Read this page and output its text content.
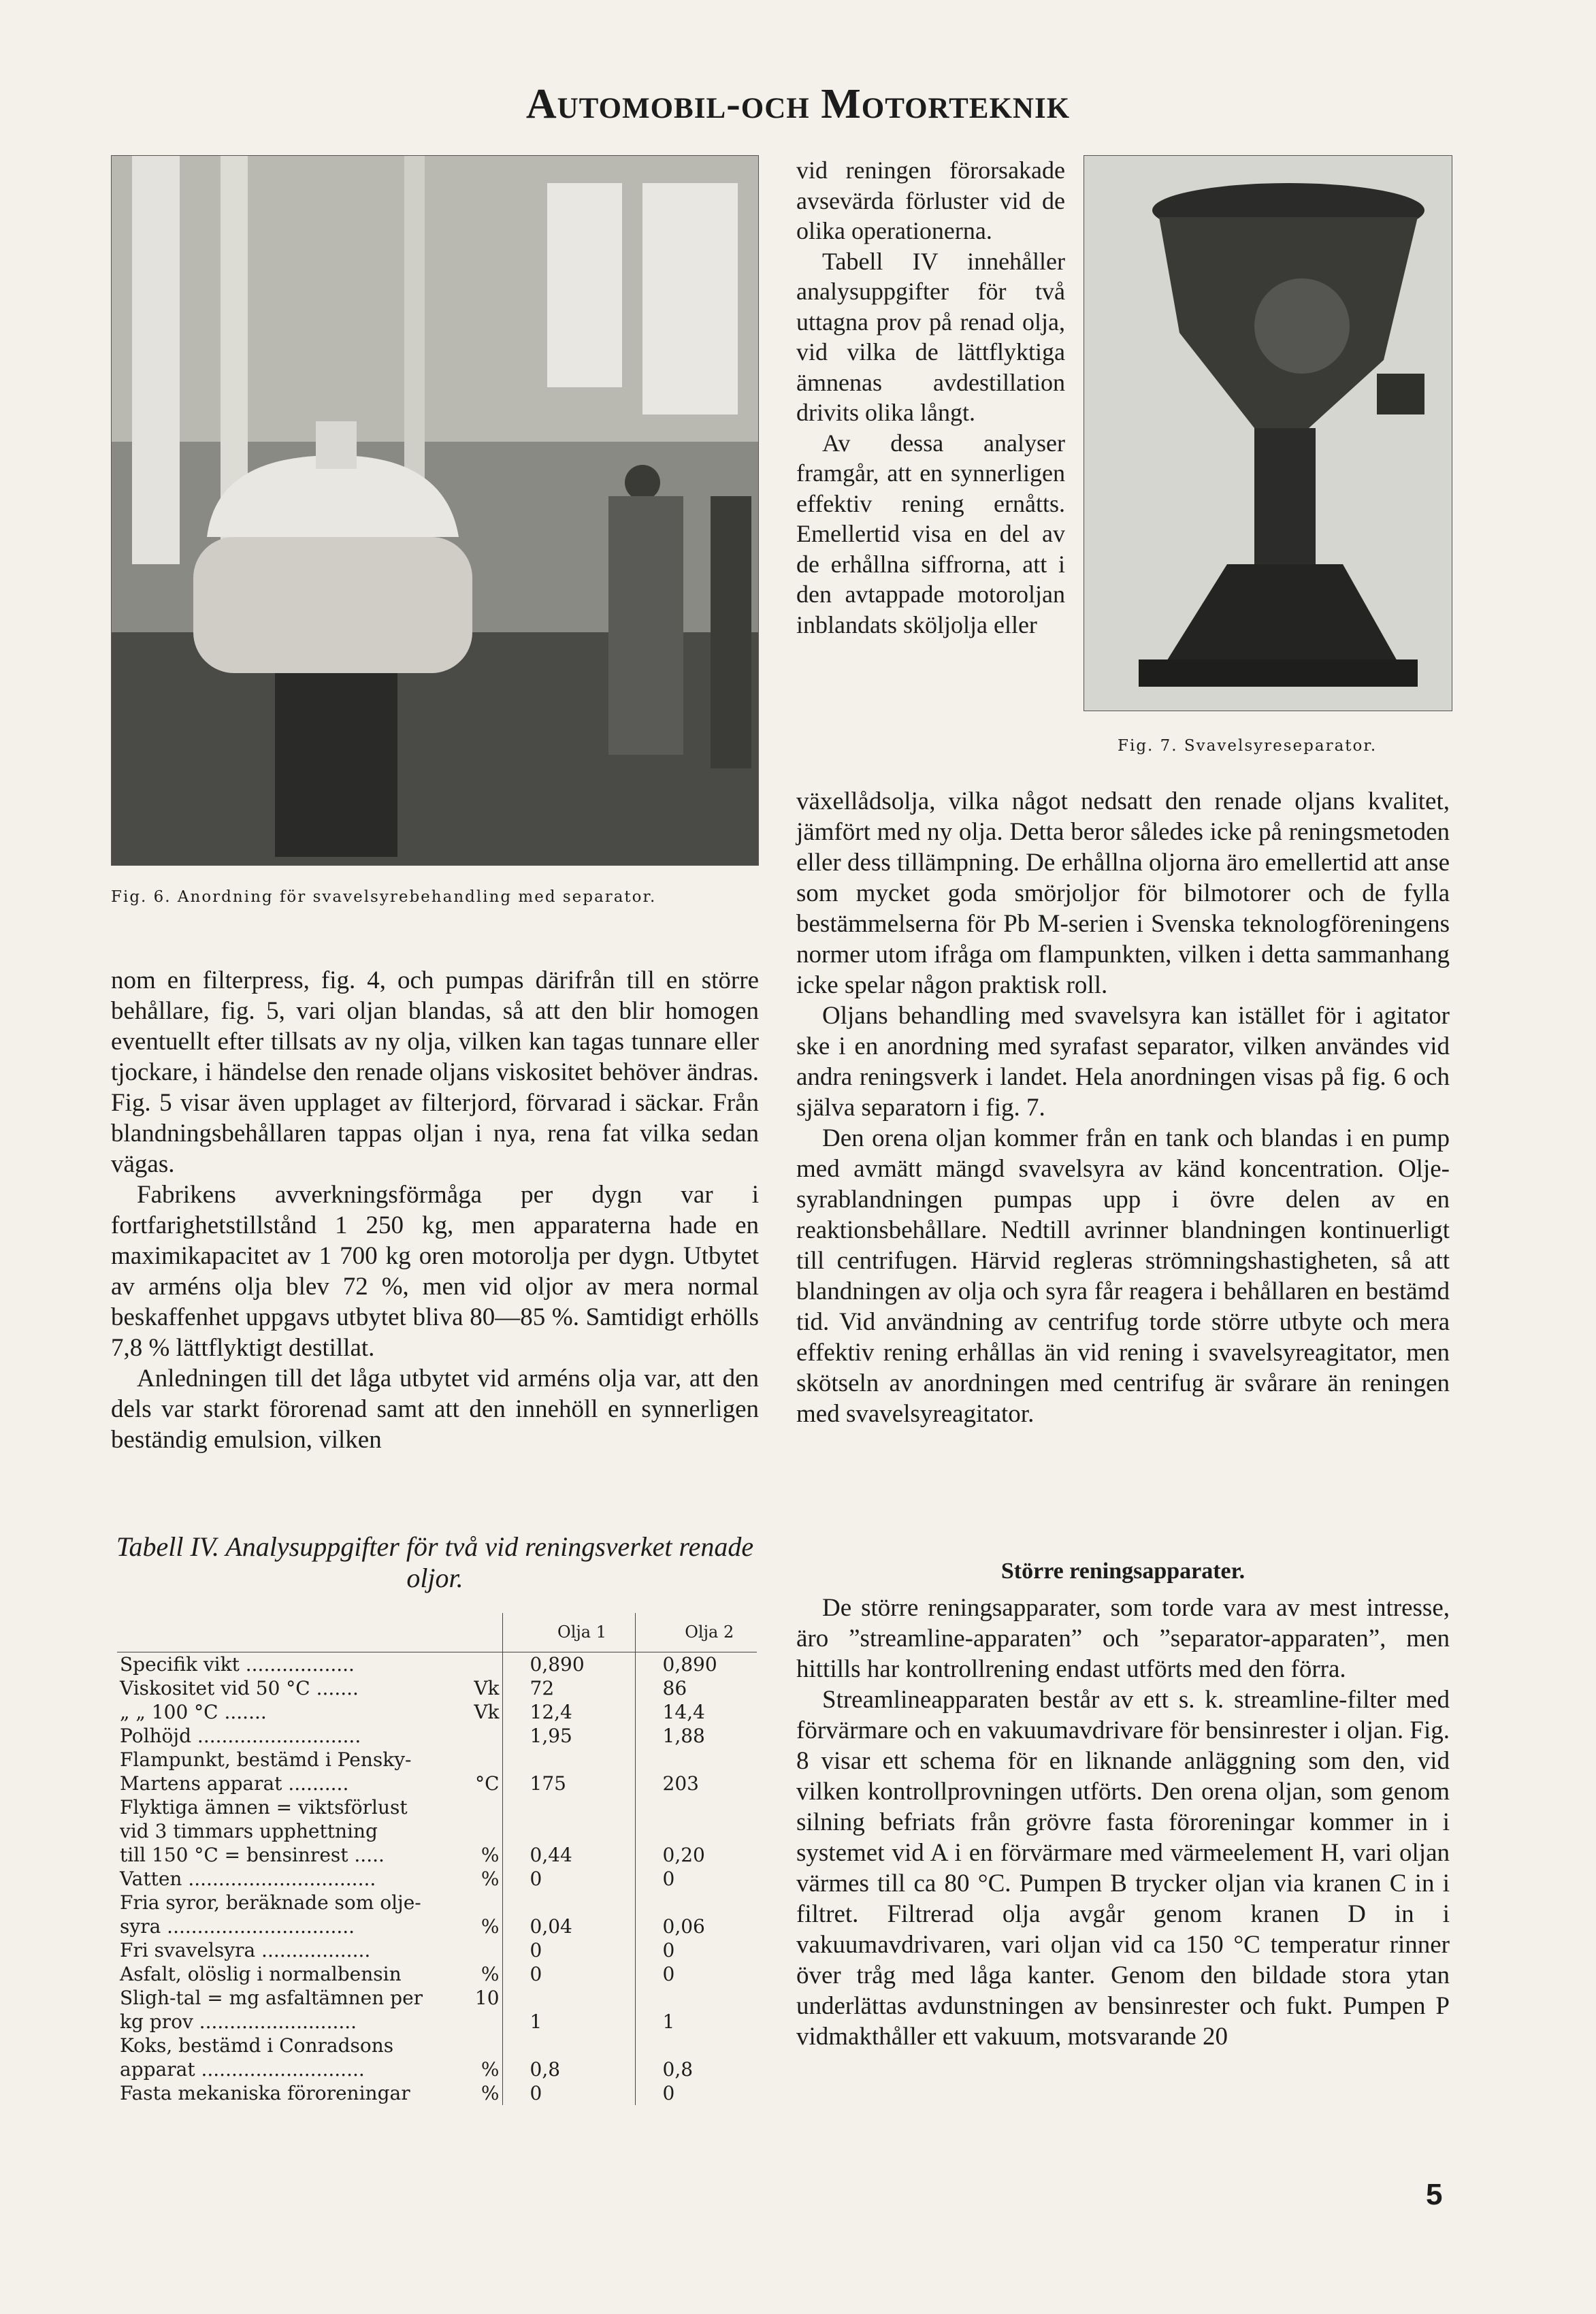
Automobil-och Motorteknik
Fig. 6. Anordning för svavelsyrebehandling med separator.

vid reningen förorsakade avsevärda förluster vid de olika operationerna.

Tabell IV innehåller analysuppgifter för två uttagna prov på renad olja, vid vilka de lättflyktiga ämnenas avdestillation drivits olika långt.

Av dessa analyser framgår, att en synnerligen effektiv rening ernåtts. Emellertid visa en del av de erhållna siffrorna, att i den avtappade motoroljan inblandats sköljolja eller

Fig. 7. Svavelsyreseparator.

växellådsolja, vilka något nedsatt den renade oljans kvalitet, jämfört med ny olja. Detta beror således icke på reningsmetoden eller dess tillämpning. De erhållna oljorna äro emellertid att anse som mycket goda smörjoljor för bilmotorer och de fylla bestämmelserna för Pb M-serien i Svenska teknologföreningens normer utom ifråga om flampunkten, vilken i detta sammanhang icke spelar någon praktisk roll.

Oljans behandling med svavelsyra kan istället för i agitator ske i en anordning med syrafast separator, vilken användes vid andra reningsverk i landet. Hela anordningen visas på fig. 6 och själva separatorn i fig. 7.

Den orena oljan kommer från en tank och blandas i en pump med avmätt mängd svavelsyra av känd koncentration. Olje-syrablandningen pumpas upp i övre delen av en reaktionsbehållare. Nedtill avrinner blandningen kontinuerligt till centrifugen. Härvid regleras strömningshastigheten, så att blandningen av olja och syra får reagera i behållaren en bestämd tid. Vid användning av centrifug torde större utbyte och mera effektiv rening erhållas än vid rening i svavelsyreagitator, men skötseln av anordningen med centrifug är svårare än reningen med svavelsyreagitator.

nom en filterpress, fig. 4, och pumpas därifrån till en större behållare, fig. 5, vari oljan blandas, så att den blir homogen eventuellt efter tillsats av ny olja, vilken kan tagas tunnare eller tjockare, i händelse den renade oljans viskositet behöver ändras. Fig. 5 visar även upplaget av filterjord, förvarad i säckar. Från blandningsbehållaren tappas oljan i nya, rena fat vilka sedan vägas.

Fabrikens avverkningsförmåga per dygn var i fortfarighetstillstånd 1 250 kg, men apparaterna hade en maximikapacitet av 1 700 kg oren motorolja per dygn. Utbytet av arméns olja blev 72 %, men vid oljor av mera normal beskaffenhet uppgavs utbytet bliva 80—85 %. Samtidigt erhölls 7,8 % lättflyktigt destillat.

Anledningen till det låga utbytet vid arméns olja var, att den dels var starkt förorenad samt att den innehöll en synnerligen beständig emulsion, vilken

Tabell IV. Analysuppgifter för två vid reningsverket renade oljor.
		Olja 1	Olja 2
Specifik vikt ..................		0,890	0,890
Viskositet vid 50 °C .......	Vk	72	86
„ „ 100 °C .......	Vk	12,4	14,4
Polhöjd ...........................		1,95	1,88
Flampunkt, bestämd i Pensky-			
Martens apparat ..........	°C	175	203
Flyktiga ämnen = viktsförlust			
vid 3 timmars upphettning			
till 150 °C = bensinrest .....	%	0,44	0,20
Vatten ...............................	%	0	0
Fria syror, beräknade som olje-			
syra ...............................	%	0,04	0,06
Fri svavelsyra ..................		0	0
Asfalt, olöslig i normalbensin	%	0	0
Sligh-tal = mg asfaltämnen per	10		
kg prov ..........................		1	1
Koks, bestämd i Conradsons			
apparat ...........................	%	0,8	0,8
Fasta mekaniska föroreningar	%	0	0
Större reningsapparater.

De större reningsapparater, som torde vara av mest intresse, äro ”streamline-apparaten” och ”separator-apparaten”, men hittills har kontrollrening endast utförts med den förra.

Streamlineapparaten består av ett s. k. streamline-filter med förvärmare och en vakuumavdrivare för bensinrester i oljan. Fig. 8 visar ett schema för en liknande anläggning som den, vid vilken kontrollprovningen utförts. Den orena oljan, som genom silning befriats från grövre fasta föroreningar kommer in i systemet vid A i en förvärmare med värmeelement H, vari oljan värmes till ca 80 °C. Pumpen B trycker oljan via kranen C in i filtret. Filtrerad olja avgår genom kranen D in i vakuumavdrivaren, vari oljan vid ca 150 °C temperatur rinner över tråg med låga kanter. Genom den bildade stora ytan underlättas avdunstningen av bensinrester och fukt. Pumpen P vidmakthåller ett vakuum, motsvarande 20

5
